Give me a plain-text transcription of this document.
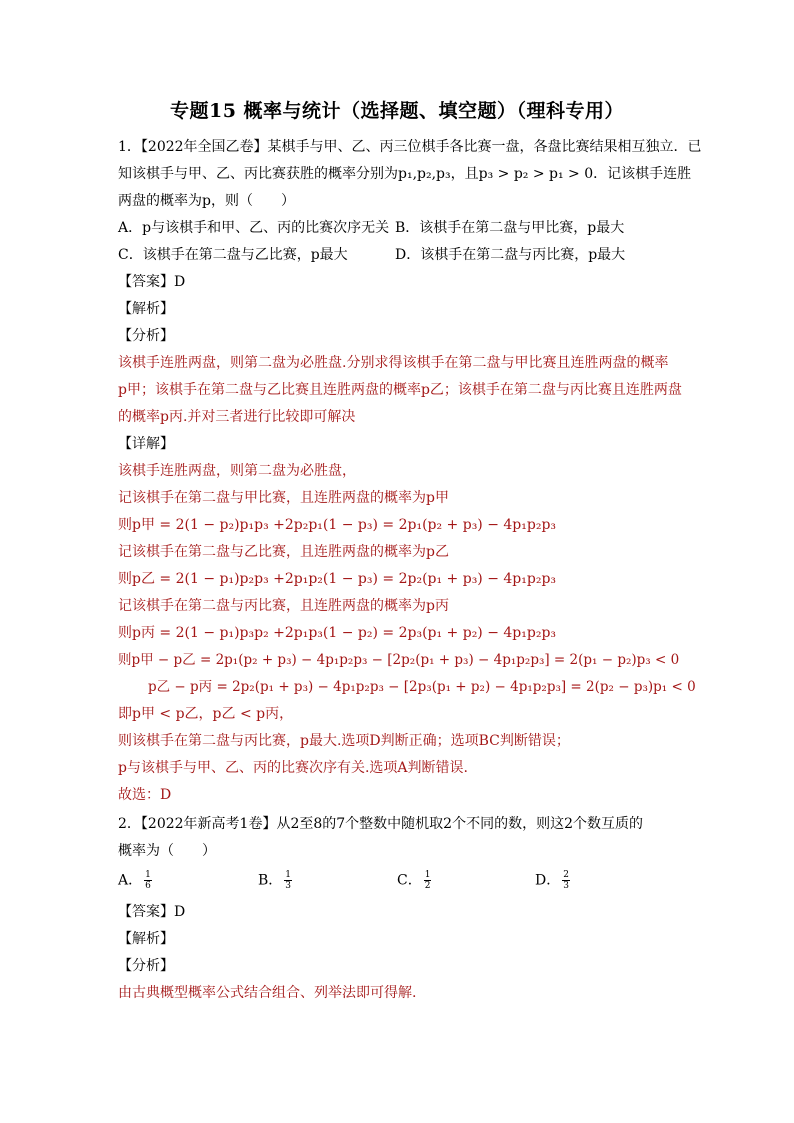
专题15 概率与统计（选择题、填空题）（理科专用）
1．【2022年全国乙卷】某棋手与甲、乙、丙三位棋手各比赛一盘，各盘比赛结果相互独立．已
知该棋手与甲、乙、丙比赛获胜的概率分别为p₁,p₂,p₃，且p₃ > p₂ > p₁ > 0．记该棋手连胜
两盘的概率为p，则（　　）
A．p与该棋手和甲、乙、丙的比赛次序无关 B．该棋手在第二盘与甲比赛，p最大
C．该棋手在第二盘与乙比赛，p最大	D．该棋手在第二盘与丙比赛，p最大
【答案】D
【解析】
【分析】
该棋手连胜两盘，则第二盘为必胜盘.分别求得该棋手在第二盘与甲比赛且连胜两盘的概率
p甲；该棋手在第二盘与乙比赛且连胜两盘的概率p乙；该棋手在第二盘与丙比赛且连胜两盘
的概率p丙.并对三者进行比较即可解决
【详解】
该棋手连胜两盘，则第二盘为必胜盘，
记该棋手在第二盘与甲比赛，且连胜两盘的概率为p甲
则p甲 = 2(1 − p₂)p₁p₃ +2p₂p₁(1 − p₃) = 2p₁(p₂ + p₃) − 4p₁p₂p₃
记该棋手在第二盘与乙比赛，且连胜两盘的概率为p乙
则p乙 = 2(1 − p₁)p₂p₃ +2p₁p₂(1 − p₃) = 2p₂(p₁ + p₃) − 4p₁p₂p₃
记该棋手在第二盘与丙比赛，且连胜两盘的概率为p丙
则p丙 = 2(1 − p₁)p₃p₂ +2p₁p₃(1 − p₂) = 2p₃(p₁ + p₂) − 4p₁p₂p₃
则p甲 − p乙 = 2p₁(p₂ + p₃) − 4p₁p₂p₃ − [2p₂(p₁ + p₃) − 4p₁p₂p₃] = 2(p₁ − p₂)p₃ < 0
p乙 − p丙 = 2p₂(p₁ + p₃) − 4p₁p₂p₃ − [2p₃(p₁ + p₂) − 4p₁p₂p₃] = 2(p₂ − p₃)p₁ < 0
即p甲 < p乙，p乙 < p丙，
则该棋手在第二盘与丙比赛，p最大.选项D判断正确；选项BC判断错误；
p与该棋手与甲、乙、丙的比赛次序有关.选项A判断错误.
故选：D
2．【2022年新高考1卷】从2至8的7个整数中随机取2个不同的数，则这2个数互质的
概率为（　　）
A． $\frac{1}{6}$	B． $\frac{1}{3}$	C． $\frac{1}{2}$	D． $\frac{2}{3}$
【答案】D
【解析】
【分析】
由古典概型概率公式结合组合、列举法即可得解.
